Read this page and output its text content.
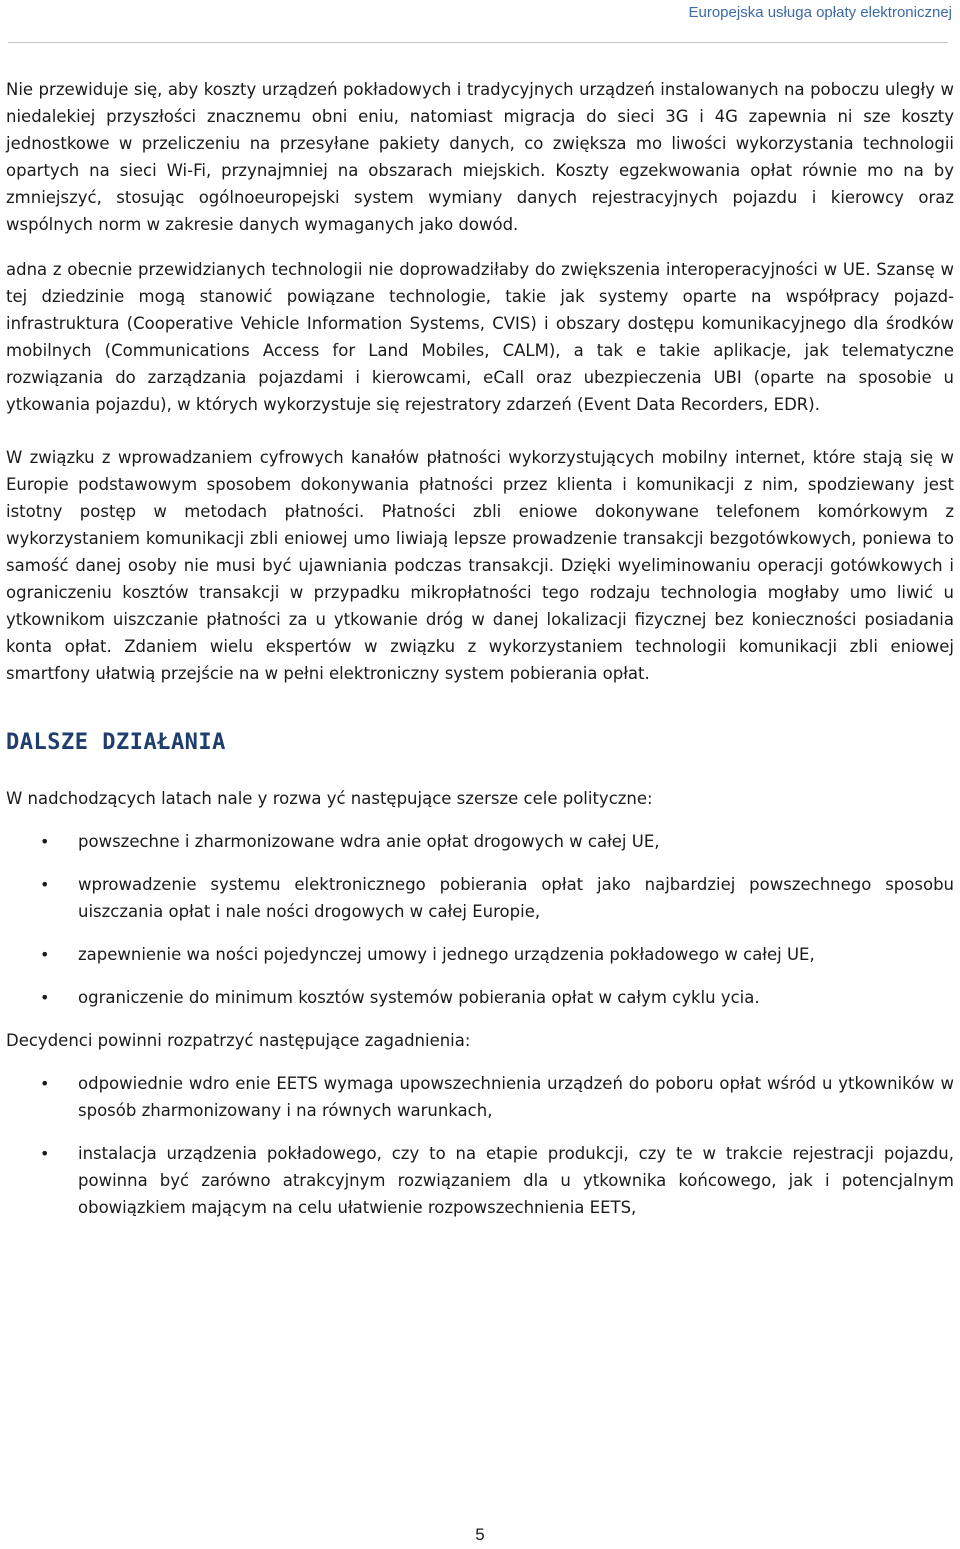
Europejska usługa opłaty elektronicznej

Nie przewiduje się, aby koszty urządzeń pokładowych i tradycyjnych urządzeń instalowanych na poboczu uległy w niedalekiej przyszłości znacznemu obni eniu, natomiast migracja do sieci 3G i 4G zapewnia ni sze koszty jednostkowe w przeliczeniu na przesyłane pakiety danych, co zwiększa mo liwości wykorzystania technologii opartych na sieci Wi-Fi, przynajmniej na obszarach miejskich. Koszty egzekwowania opłat równie mo na by zmniejszyć, stosując ogólnoeuropejski system wymiany danych rejestracyjnych pojazdu i kierowcy oraz wspólnych norm w zakresie danych wymaganych jako dowód.

adna z obecnie przewidzianych technologii nie doprowadziłaby do zwiększenia interoperacyjności w UE. Szansę w tej dziedzinie mogą stanowić powiązane technologie, takie jak systemy oparte na współpracy pojazd-infrastruktura (Cooperative Vehicle Information Systems, CVIS) i obszary dostępu komunikacyjnego dla środków mobilnych (Communications Access for Land Mobiles, CALM), a tak e takie aplikacje, jak telematyczne rozwiązania do zarządzania pojazdami i kierowcami, eCall oraz ubezpieczenia UBI (oparte na sposobie u ytkowania pojazdu), w których wykorzystuje się rejestratory zdarzeń (Event Data Recorders, EDR).

W związku z wprowadzaniem cyfrowych kanałów płatności wykorzystujących mobilny internet, które stają się w Europie podstawowym sposobem dokonywania płatności przez klienta i komunikacji z nim, spodziewany jest istotny postęp w metodach płatności. Płatności zbli eniowe dokonywane telefonem komórkowym z wykorzystaniem komunikacji zbli eniowej umo liwiają lepsze prowadzenie transakcji bezgotówkowych, poniewa to samość danej osoby nie musi być ujawniania podczas transakcji. Dzięki wyeliminowaniu operacji gotówkowych i ograniczeniu kosztów transakcji w przypadku mikropłatności tego rodzaju technologia mogłaby umo liwić u ytkownikom uiszczanie płatności za u ytkowanie dróg w danej lokalizacji fizycznej bez konieczności posiadania konta opłat. Zdaniem wielu ekspertów w związku z wykorzystaniem technologii komunikacji zbli eniowej smartfony ułatwią przejście na w pełni elektroniczny system pobierania opłat.

DALSZE DZIAŁANIA

W nadchodzących latach nale y rozwa yć następujące szersze cele polityczne:

• powszechne i zharmonizowane wdra anie opłat drogowych w całej UE,
• wprowadzenie systemu elektronicznego pobierania opłat jako najbardziej powszechnego sposobu uiszczania opłat i nale ności drogowych w całej Europie,
• zapewnienie wa ności pojedynczej umowy i jednego urządzenia pokładowego w całej UE,
• ograniczenie do minimum kosztów systemów pobierania opłat w całym cyklu ycia.

Decydenci powinni rozpatrzyć następujące zagadnienia:

• odpowiednie wdro enie EETS wymaga upowszechnienia urządzeń do poboru opłat wśród u ytkowników w sposób zharmonizowany i na równych warunkach,
• instalacja urządzenia pokładowego, czy to na etapie produkcji, czy te w trakcie rejestracji pojazdu, powinna być zarówno atrakcyjnym rozwiązaniem dla u ytkownika końcowego, jak i potencjalnym obowiązkiem mającym na celu ułatwienie rozpowszechnienia EETS,
5
